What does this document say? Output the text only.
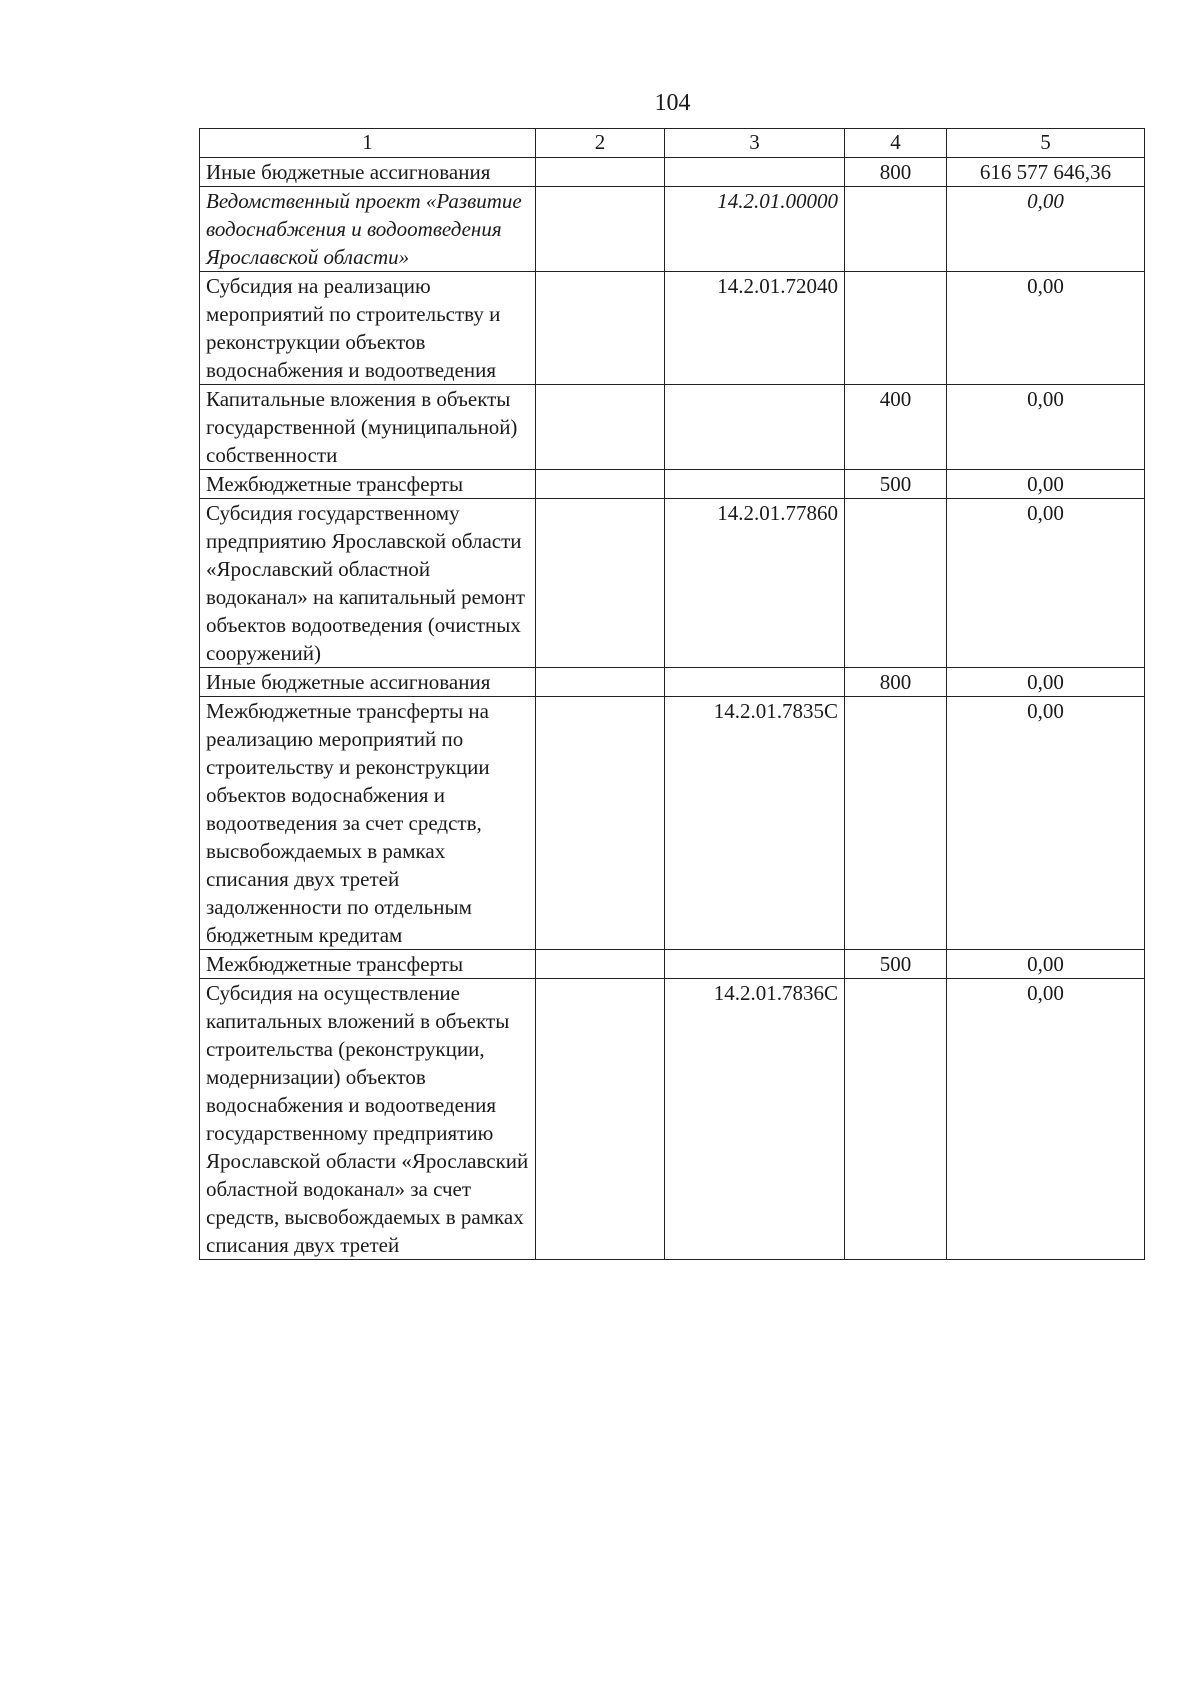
104
1	2	3	4	5
Иные бюджетные ассигнования			800	616 577 646,36
Ведомственный проект «Развитие водоснабжения и водоотведения Ярославской области»		14.2.01.00000		0,00
Субсидия на реализацию мероприятий по строительству и реконструкции объектов водоснабжения и водоотведения		14.2.01.72040		0,00
Капитальные вложения в объекты государственной (муниципальной) собственности			400	0,00
Межбюджетные трансферты			500	0,00
Субсидия государственному предприятию Ярославской области «Ярославский областной водоканал» на капитальный ремонт объектов водоотведения (очистных сооружений)		14.2.01.77860		0,00
Иные бюджетные ассигнования			800	0,00
Межбюджетные трансферты на реализацию мероприятий по строительству и реконструкции объектов водоснабжения и водоотведения за счет средств, высвобождаемых в рамках списания двух третей задолженности по отдельным бюджетным кредитам		14.2.01.7835С		0,00
Межбюджетные трансферты			500	0,00
Субсидия на осуществление капитальных вложений в объекты строительства (реконструкции, модернизации) объектов водоснабжения и водоотведения государственному предприятию Ярославской области «Ярославский областной водоканал» за счет средств, высвобождаемых в рамках списания двух третей		14.2.01.7836С		0,00
